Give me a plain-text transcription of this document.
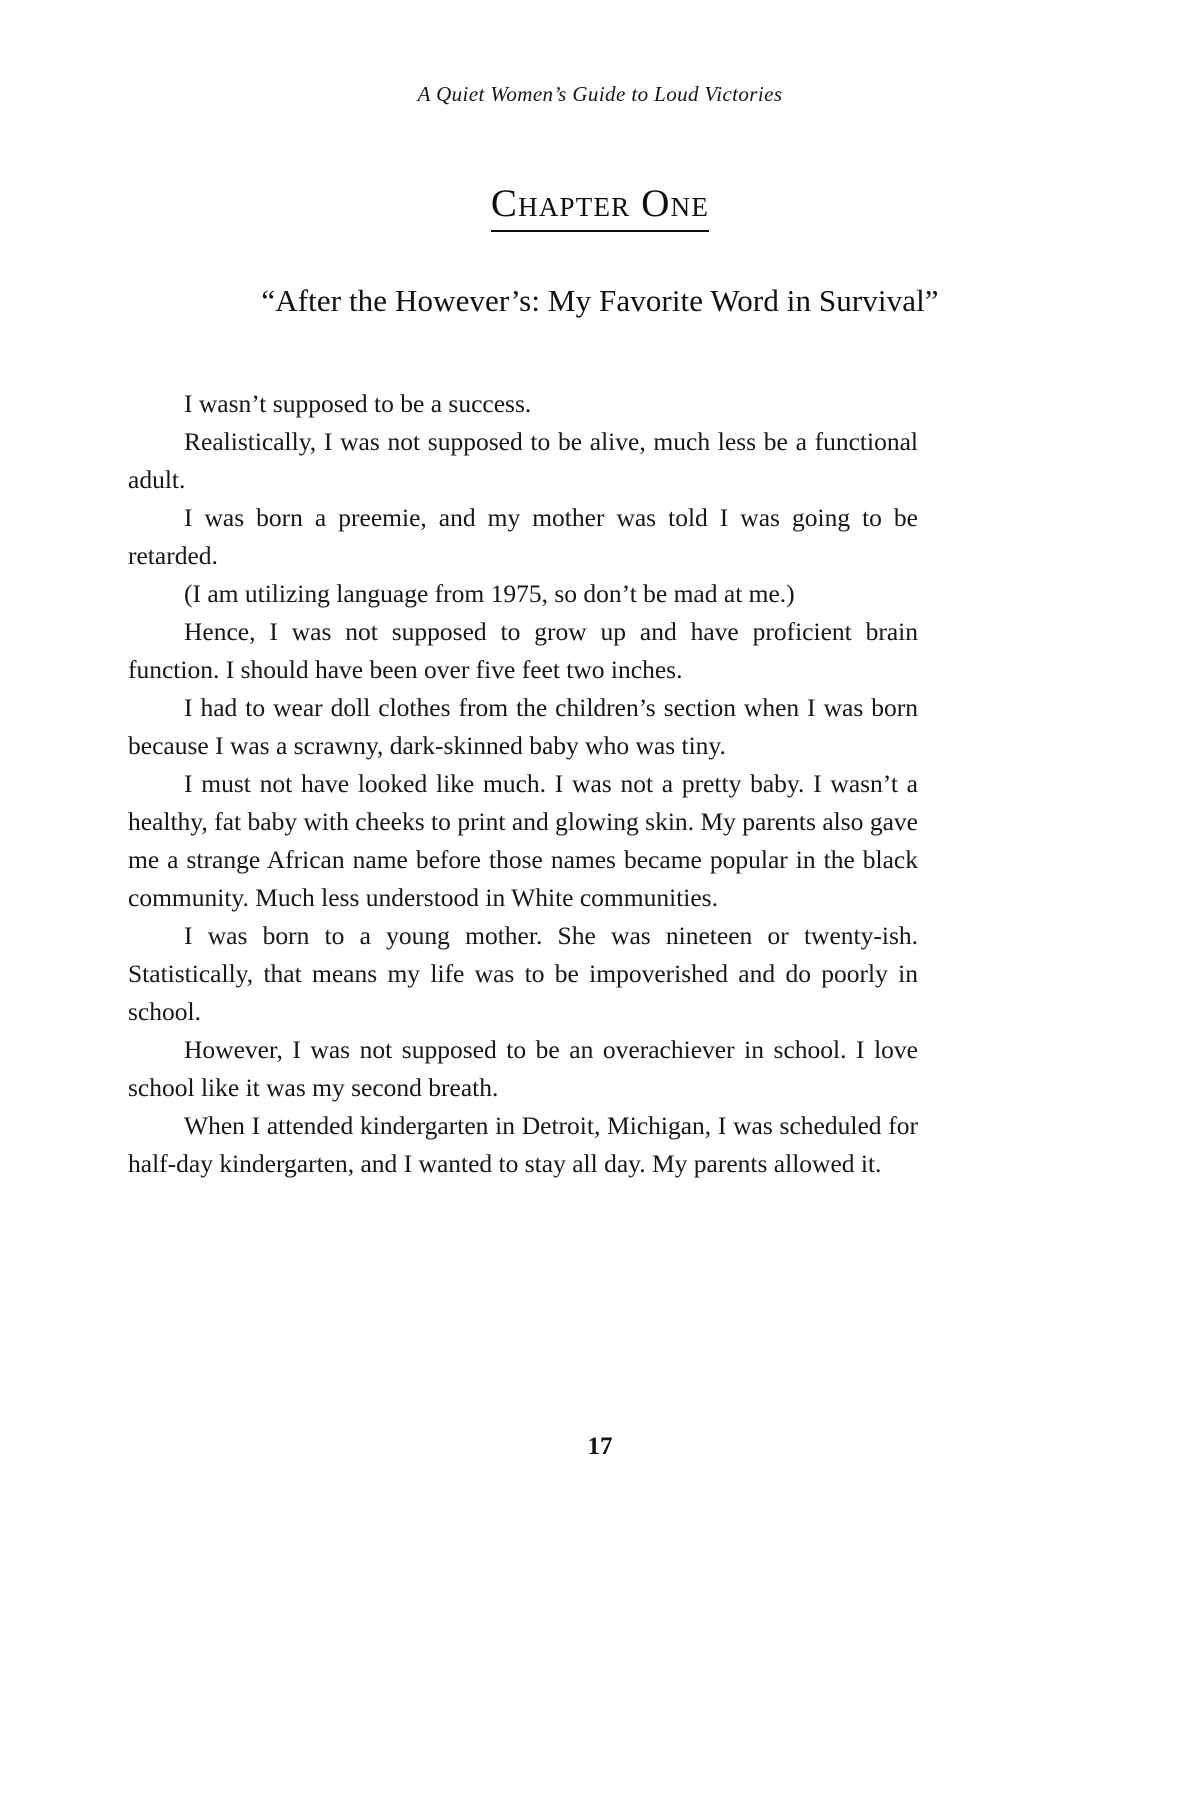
A Quiet Women’s Guide to Loud Victories
Chapter One
“After the However’s: My Favorite Word in Survival”

I wasn’t supposed to be a success.

Realistically, I was not supposed to be alive, much less be a functional adult.

I was born a preemie, and my mother was told I was going to be retarded.

(I am utilizing language from 1975, so don’t be mad at me.)

Hence, I was not supposed to grow up and have proficient brain function. I should have been over five feet two inches.

I had to wear doll clothes from the children’s section when I was born because I was a scrawny, dark-skinned baby who was tiny.

I must not have looked like much. I was not a pretty baby. I wasn’t a healthy, fat baby with cheeks to print and glowing skin. My parents also gave me a strange African name before those names became popular in the black community. Much less understood in White communities.

I was born to a young mother. She was nineteen or twenty-ish. Statistically, that means my life was to be impoverished and do poorly in school.

However, I was not supposed to be an overachiever in school. I love school like it was my second breath.

When I attended kindergarten in Detroit, Michigan, I was scheduled for half-day kindergarten, and I wanted to stay all day. My parents allowed it.

17
